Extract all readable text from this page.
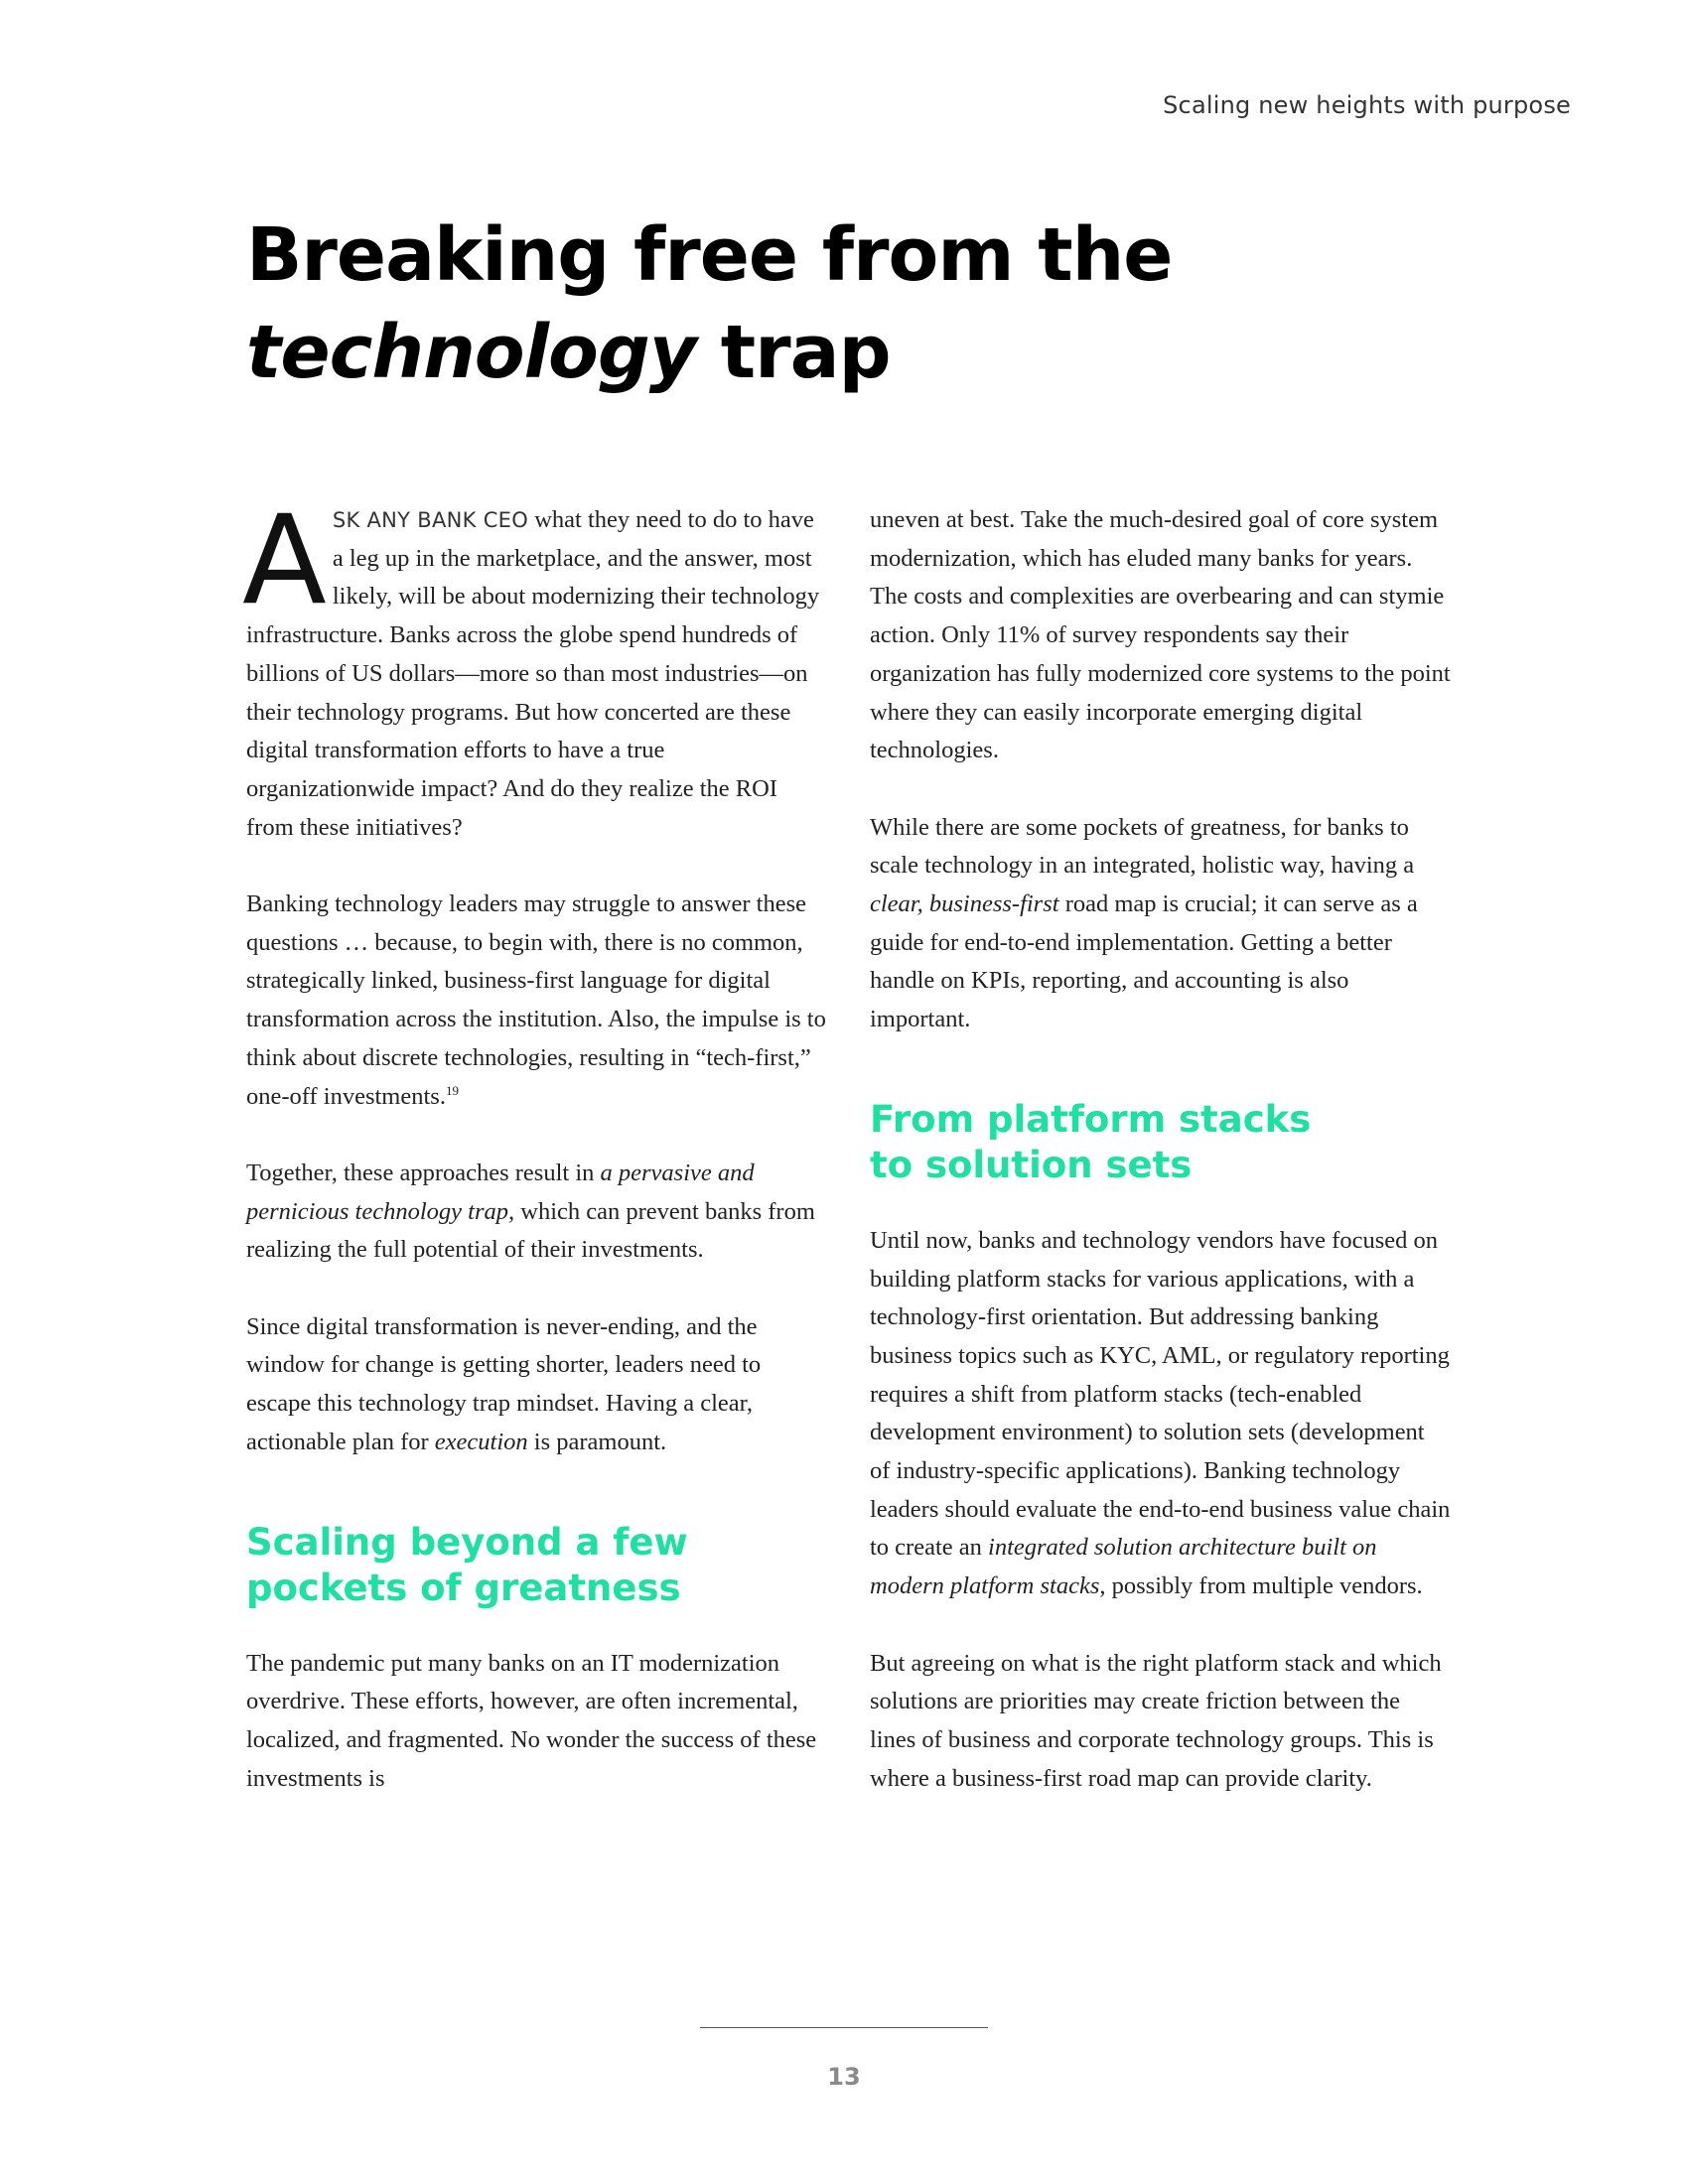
Scaling new heights with purpose
Breaking free from the
technology trap

ASK ANY BANK CEO what they need to do to have a leg up in the marketplace, and the answer, most likely, will be about modernizing their technology infrastructure. Banks across the globe spend hundreds of billions of US dollars—more so than most industries—on their technology programs. But how concerted are these digital transformation efforts to have a true organizationwide impact? And do they realize the ROI from these initiatives?

Banking technology leaders may struggle to answer these questions … because, to begin with, there is no common, strategically linked, business-first language for digital transformation across the institution. Also, the impulse is to think about discrete technologies, resulting in “tech-first,” one-off investments.$^{19}$

Together, these approaches result in a pervasive and pernicious technology trap, which can prevent banks from realizing the full potential of their investments.

Since digital transformation is never-ending, and the window for change is getting shorter, leaders need to escape this technology trap mindset. Having a clear, actionable plan for execution is paramount.

Scaling beyond a few
pockets of greatness

The pandemic put many banks on an IT modernization overdrive. These efforts, however, are often incremental, localized, and fragmented. No wonder the success of these investments is

uneven at best. Take the much-desired goal of core system modernization, which has eluded many banks for years. The costs and complexities are overbearing and can stymie action. Only 11% of survey respondents say their organization has fully modernized core systems to the point where they can easily incorporate emerging digital technologies.

While there are some pockets of greatness, for banks to scale technology in an integrated, holistic way, having a clear, business-first road map is crucial; it can serve as a guide for end-to-end implementation. Getting a better handle on KPIs, reporting, and accounting is also important.

From platform stacks
to solution sets

Until now, banks and technology vendors have focused on building platform stacks for various applications, with a technology-first orientation. But addressing banking business topics such as KYC, AML, or regulatory reporting requires a shift from platform stacks (tech-enabled development environment) to solution sets (development of industry-specific applications). Banking technology leaders should evaluate the end-to-end business value chain to create an integrated solution architecture built on modern platform stacks, possibly from multiple vendors.

But agreeing on what is the right platform stack and which solutions are priorities may create friction between the lines of business and corporate technology groups. This is where a business-first road map can provide clarity.

13
